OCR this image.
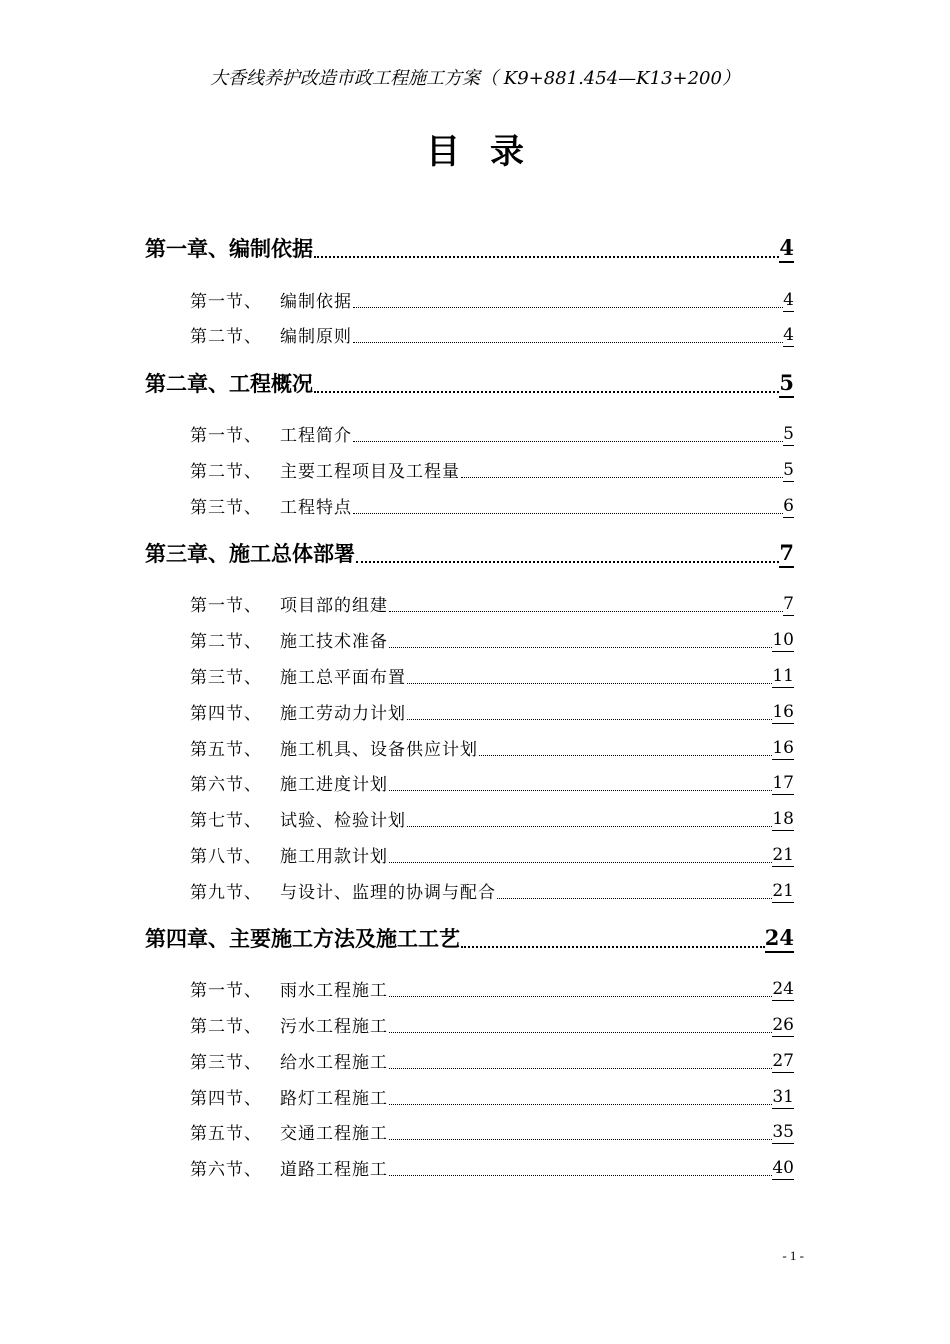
大香线养护改造市政工程施工方案（ K9+881.454—K13+200）
目录
第一章、编制依据	4
第一节、 编制依据	4
第二节、 编制原则	4
第二章、工程概况	5
第一节、 工程简介	5
第二节、 主要工程项目及工程量	5
第三节、 工程特点	6
第三章、施工总体部署	7
第一节、 项目部的组建	7
第二节、 施工技术准备	10
第三节、 施工总平面布置	11
第四节、 施工劳动力计划	16
第五节、 施工机具、设备供应计划	16
第六节、 施工进度计划	17
第七节、 试验、检验计划	18
第八节、 施工用款计划	21
第九节、 与设计、监理的协调与配合	21
第四章、主要施工方法及施工工艺	24
第一节、 雨水工程施工	24
第二节、 污水工程施工	26
第三节、 给水工程施工	27
第四节、 路灯工程施工	31
第五节、 交通工程施工	35
第六节、 道路工程施工	40
- 1 -
